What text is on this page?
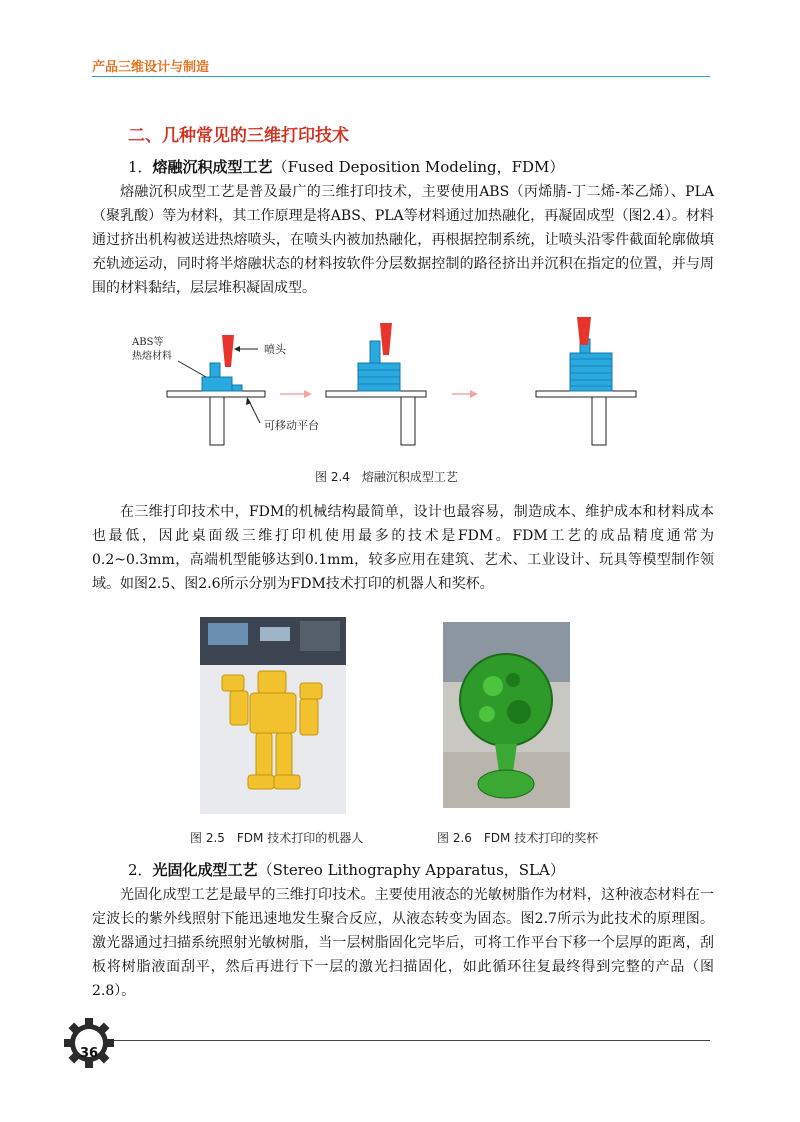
产品三维设计与制造
二、几种常见的三维打印技术
1．熔融沉积成型工艺（Fused Deposition Modeling，FDM）

熔融沉积成型工艺是普及最广的三维打印技术，主要使用ABS（丙烯腈-丁二烯-苯乙烯）、PLA（聚乳酸）等为材料，其工作原理是将ABS、PLA等材料通过加热融化，再凝固成型（图2.4）。材料通过挤出机构被送进热熔喷头，在喷头内被加热融化，再根据控制系统，让喷头沿零件截面轮廓做填充轨迹运动，同时将半熔融状态的材料按软件分层数据控制的路径挤出并沉积在指定的位置，并与周围的材料黏结，层层堆积凝固成型。

喷头
ABS等
热熔材料
可移动平台
图 2.4　熔融沉积成型工艺

在三维打印技术中，FDM的机械结构最简单，设计也最容易，制造成本、维护成本和材料成本也最低，因此桌面级三维打印机使用最多的技术是FDM。FDM工艺的成品精度通常为0.2~0.3mm，高端机型能够达到0.1mm，较多应用在建筑、艺术、工业设计、玩具等模型制作领域。如图2.5、图2.6所示分别为FDM技术打印的机器人和奖杯。

图 2.5　FDM 技术打印的机器人	图 2.6　FDM 技术打印的奖杯
2．光固化成型工艺（Stereo Lithography Apparatus，SLA）

光固化成型工艺是最早的三维打印技术。主要使用液态的光敏树脂作为材料，这种液态材料在一定波长的紫外线照射下能迅速地发生聚合反应，从液态转变为固态。图2.7所示为此技术的原理图。激光器通过扫描系统照射光敏树脂，当一层树脂固化完毕后，可将工作平台下移一个层厚的距离，刮板将树脂液面刮平，然后再进行下一层的激光扫描固化，如此循环往复最终得到完整的产品（图2.8）。

36
